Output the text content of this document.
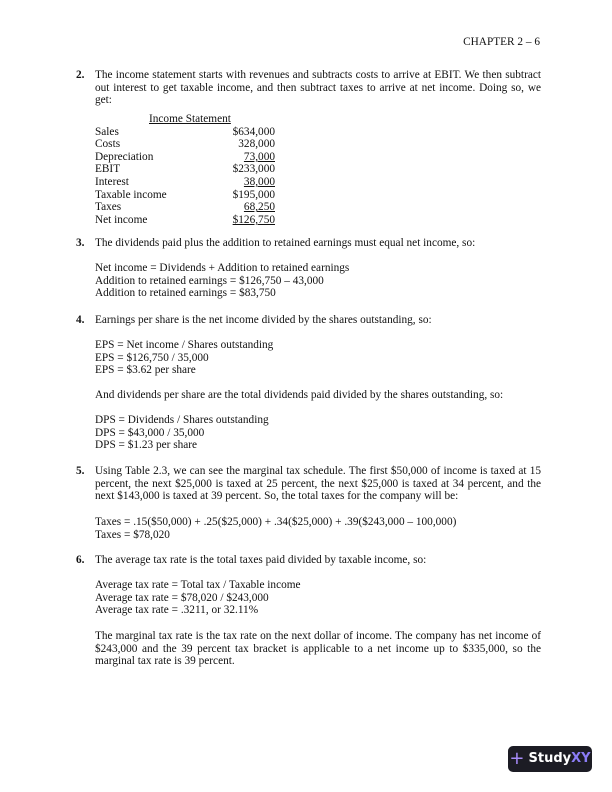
CHAPTER 2 – 6
2. The income statement starts with revenues and subtracts costs to arrive at EBIT. We then subtract out interest to get taxable income, and then subtract taxes to arrive at net income. Doing so, we get:
Income Statement
Sales	$634,000
Costs	328,000
Depreciation	73,000
EBIT	$233,000
Interest	38,000
Taxable income	$195,000
Taxes	68,250
Net income	$126,750
3. The dividends paid plus the addition to retained earnings must equal net income, so:
Net income = Dividends + Addition to retained earnings
Addition to retained earnings = $126,750 – 43,000
Addition to retained earnings = $83,750
4. Earnings per share is the net income divided by the shares outstanding, so:
EPS = Net income / Shares outstanding
EPS = $126,750 / 35,000
EPS = $3.62 per share
And dividends per share are the total dividends paid divided by the shares outstanding, so:
DPS = Dividends / Shares outstanding
DPS = $43,000 / 35,000
DPS = $1.23 per share
5. Using Table 2.3, we can see the marginal tax schedule. The first $50,000 of income is taxed at 15 percent, the next $25,000 is taxed at 25 percent, the next $25,000 is taxed at 34 percent, and the next $143,000 is taxed at 39 percent. So, the total taxes for the company will be:
Taxes = .15($50,000) + .25($25,000) + .34($25,000) + .39($243,000 – 100,000)
Taxes = $78,020
6. The average tax rate is the total taxes paid divided by taxable income, so:
Average tax rate = Total tax / Taxable income
Average tax rate = $78,020 / $243,000
Average tax rate = .3211, or 32.11%
The marginal tax rate is the tax rate on the next dollar of income. The company has net income of $243,000 and the 39 percent tax bracket is applicable to a net income up to $335,000, so the marginal tax rate is 39 percent.
+ StudyXY
